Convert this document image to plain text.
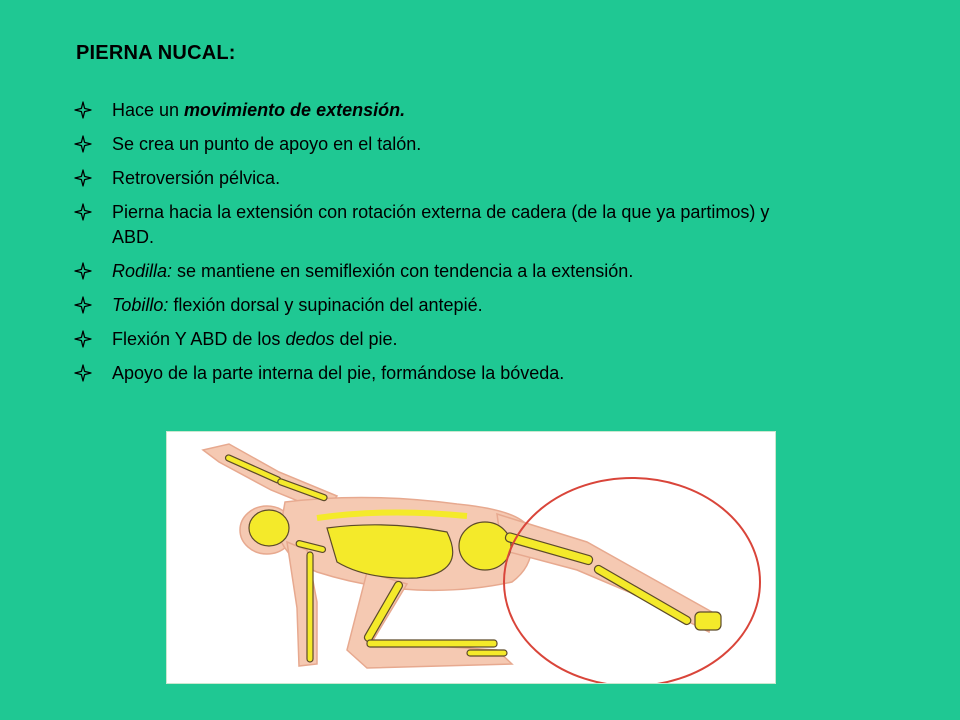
PIERNA NUCAL:
Hace un movimiento de extensión.
Se crea un punto de apoyo en el talón.
Retroversión pélvica.
Pierna hacia la extensión con rotación externa de cadera (de la que ya partimos) y ABD.
Rodilla: se mantiene en semiflexión con tendencia a la extensión.
Tobillo: flexión dorsal y supinación del antepié.
Flexión Y ABD de los dedos del pie.
Apoyo de la parte interna del pie, formándose la bóveda.
